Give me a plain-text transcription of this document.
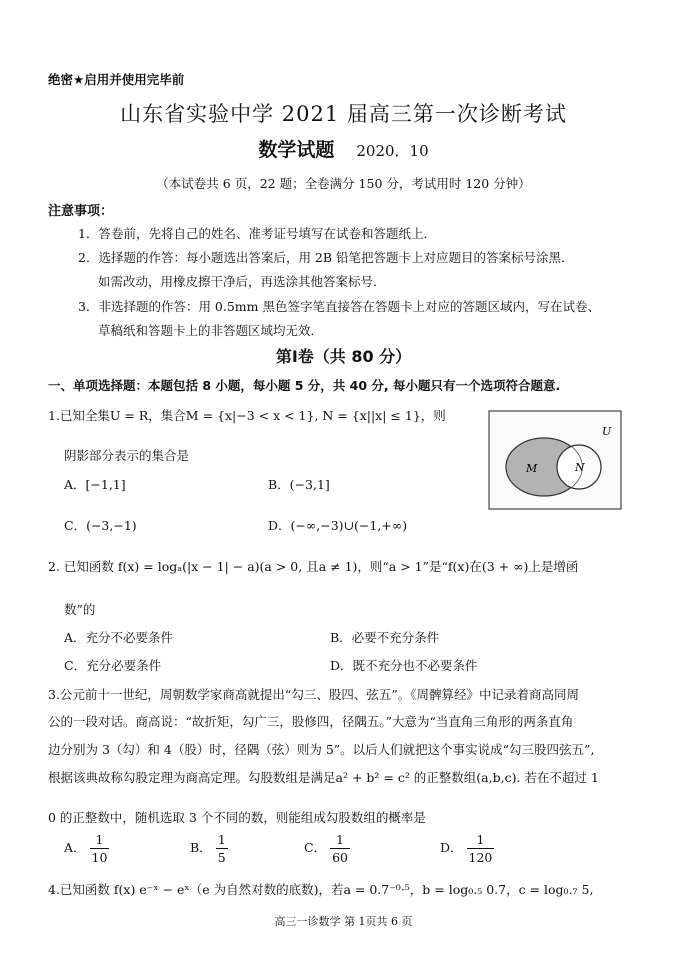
绝密★启用并使用完毕前
山东省实验中学 2021 届高三第一次诊断考试
数学试题 2020．10
（本试卷共 6 页，22 题；全卷满分 150 分，考试用时 120 分钟）
注意事项：
1．答卷前，先将自己的姓名、准考证号填写在试卷和答题纸上．
2．选择题的作答：每小题选出答案后，用 2B 铅笔把答题卡上对应题目的答案标号涂黑．
如需改动，用橡皮擦干净后，再选涂其他答案标号．
3．非选择题的作答：用 0.5mm 黑色签字笔直接答在答题卡上对应的答题区域内，写在试卷、
草稿纸和答题卡上的非答题区域均无效．
第Ⅰ卷（共 80 分）
一、单项选择题：本题包括 8 小题，每小题 5 分，共 40 分, 每小题只有一个选项符合题意.
1.已知全集U = R，集合M = {x|−3 < x < 1}, N = {x||x| ≤ 1}，则
阴影部分表示的集合是
A．[−1,1]	B．(−3,1]
C．(−3,−1)	D．(−∞,−3)∪(−1,+∞)
U
M	N
2. 已知函数 f(x) = logₐ(|x − 1| − a)(a > 0, 且a ≠ 1)，则“a > 1”是“f(x)在(3 + ∞)上是增函
数”的
A．充分不必要条件	B．必要不充分条件
C．充分必要条件	D．既不充分也不必要条件
3.公元前十一世纪，周朝数学家商高就提出“勾三、股四、弦五”。《周髀算经》中记录着商高同周
公的一段对话。商高说：“故折矩，勾广三，股修四，径隅五。”大意为“当直角三角形的两条直角
边分别为 3（勾）和 4（股）时，径隅（弦）则为 5”。以后人们就把这个事实说成“勾三股四弦五”,
根据该典故称勾股定理为商高定理。勾股数组是满足a² + b² = c² 的正整数组(a,b,c). 若在不超过 1
0 的正整数中，随机选取 3 个不同的数，则能组成勾股数组的概率是
A． $\frac{1}{10}$	B． $\frac{1}{5}$	C． $\frac{1}{60}$	D． $\frac{1}{120}$
4.已知函数 f(x) e⁻ˣ − eˣ（e 为自然对数的底数)，若a = 0.7⁻⁰·⁵，b = log₀.₅ 0.7，c = log₀.₇ 5,
高三一诊数学 第 1页共 6 页
